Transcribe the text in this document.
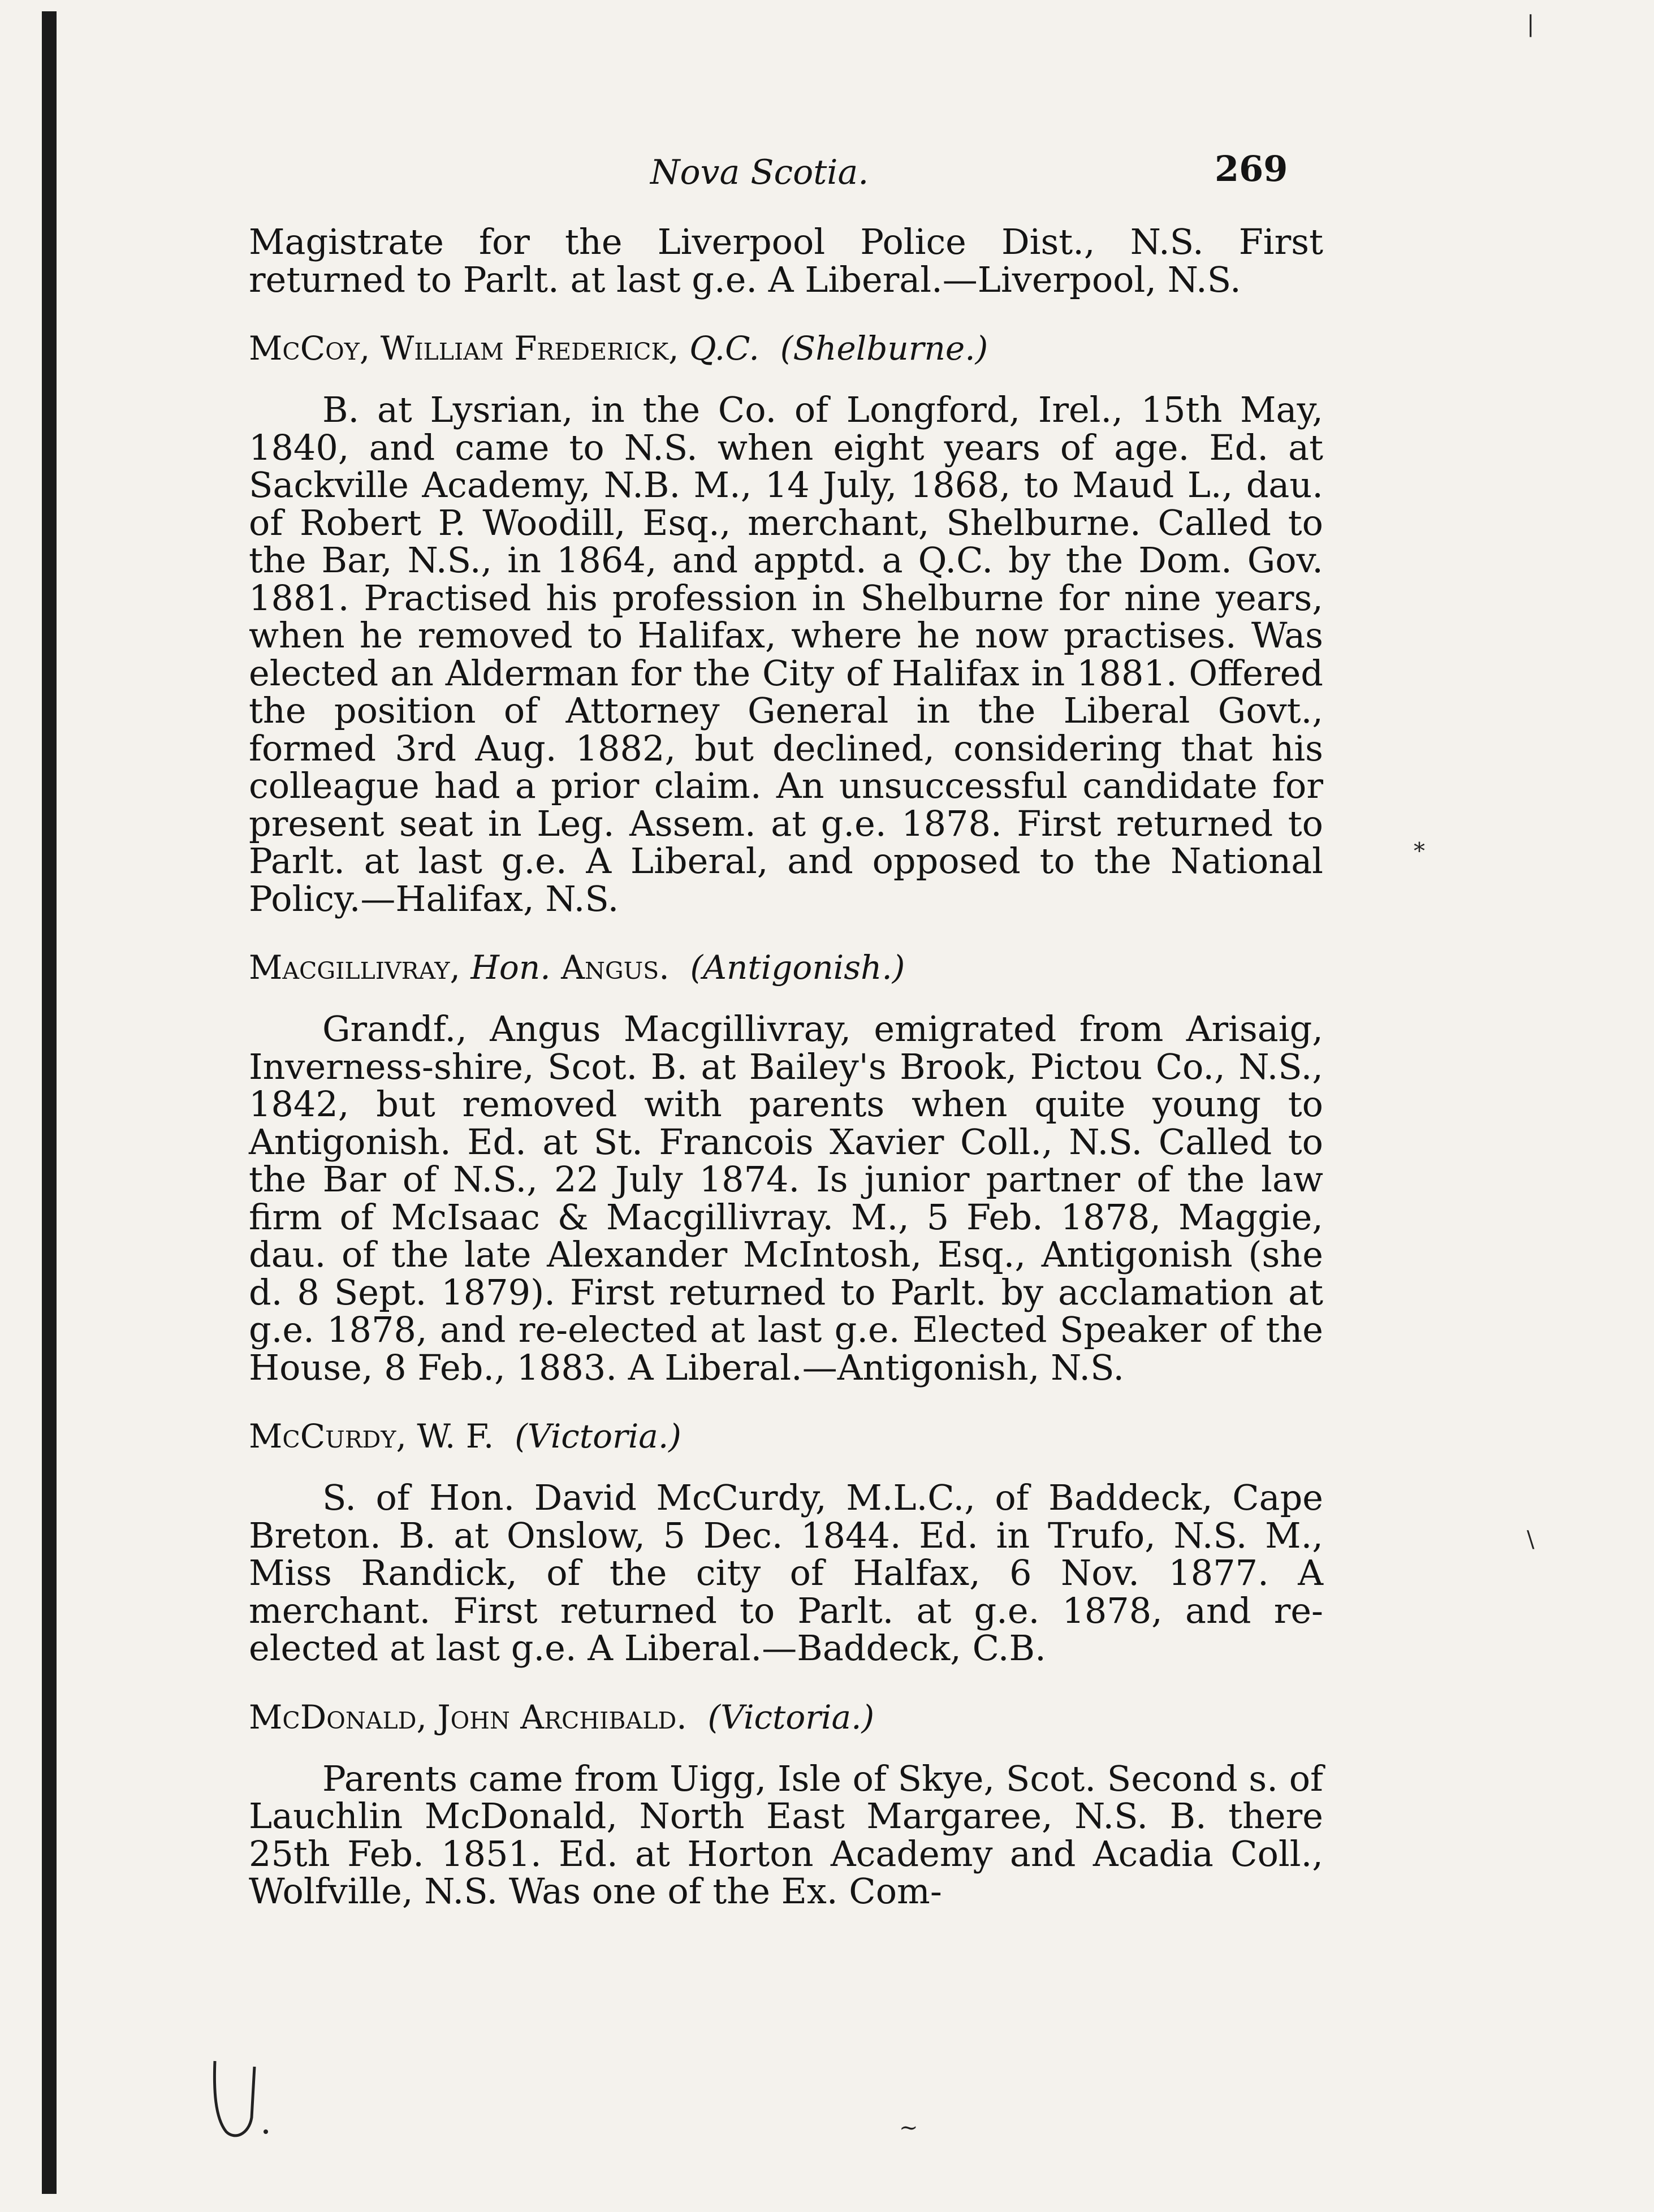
Nova Scotia.	269

Magistrate for the Liverpool Police Dist., N.S. First returned to Parlt. at last g.e. A Liberal.—Liverpool, N.S.

McCoy, William Frederick, Q.C. (Shelburne.)

B. at Lysrian, in the Co. of Longford, Irel., 15th May, 1840, and came to N.S. when eight years of age. Ed. at Sackville Academy, N.B. M., 14 July, 1868, to Maud L., dau. of Robert P. Woodill, Esq., merchant, Shelburne. Called to the Bar, N.S., in 1864, and apptd. a Q.C. by the Dom. Gov. 1881. Practised his profession in Shelburne for nine years, when he removed to Halifax, where he now practises. Was elected an Alderman for the City of Halifax in 1881. Offered the position of Attorney General in the Liberal Govt., formed 3rd Aug. 1882, but declined, considering that his colleague had a prior claim. An unsuccessful candidate for present seat in Leg. Assem. at g.e. 1878. First returned to Parlt. at last g.e. A Liberal, and opposed to the National Policy.—Halifax, N.S.

Macgillivray, Hon. Angus. (Antigonish.)

Grandf., Angus Macgillivray, emigrated from Arisaig, Inverness-shire, Scot. B. at Bailey's Brook, Pictou Co., N.S., 1842, but removed with parents when quite young to Antigonish. Ed. at St. Francois Xavier Coll., N.S. Called to the Bar of N.S., 22 July 1874. Is junior partner of the law firm of McIsaac & Macgillivray. M., 5 Feb. 1878, Maggie, dau. of the late Alexander McIntosh, Esq., Antigonish (she d. 8 Sept. 1879). First returned to Parlt. by acclamation at g.e. 1878, and re-elected at last g.e. Elected Speaker of the House, 8 Feb., 1883. A Liberal.—Antigonish, N.S.

McCurdy, W. F. (Victoria.)

S. of Hon. David McCurdy, M.L.C., of Baddeck, Cape Breton. B. at Onslow, 5 Dec. 1844. Ed. in Trufo, N.S. M., Miss Randick, of the city of Halfax, 6 Nov. 1877. A merchant. First returned to Parlt. at g.e. 1878, and re-elected at last g.e. A Liberal.—Baddeck, C.B.

McDonald, John Archibald. (Victoria.)

Parents came from Uigg, Isle of Skye, Scot. Second s. of Lauchlin McDonald, North East Margaree, N.S. B. there 25th Feb. 1851. Ed. at Horton Academy and Acadia Coll., Wolfville, N.S. Was one of the Ex. Com-

|
⁎
\
~
